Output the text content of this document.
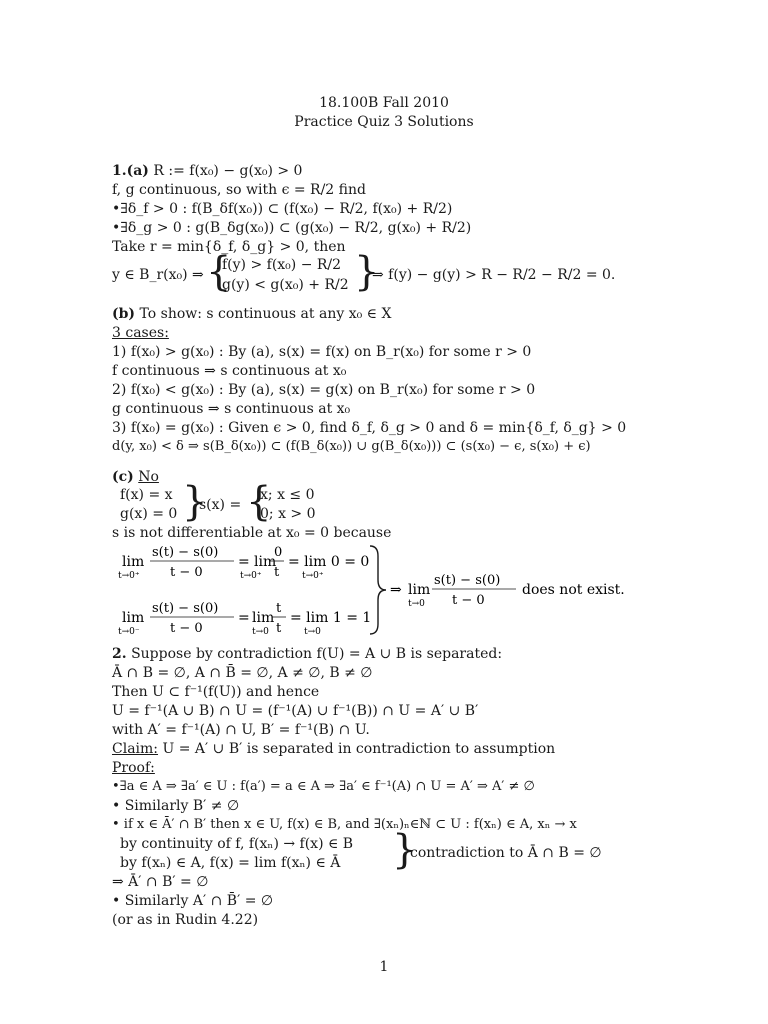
18.100B Fall 2010
Practice Quiz 3 Solutions
1.(a) R := f(x₀) − g(x₀) > 0
f, g continuous, so with ϵ = R/2 find
•∃δ_f > 0 : f(B_δf(x₀)) ⊂ (f(x₀) − R/2, f(x₀) + R/2)
•∃δ_g > 0 : g(B_δg(x₀)) ⊂ (g(x₀) − R/2, g(x₀) + R/2)
Take r = min{δ_f, δ_g} > 0, then
y ∈ B_r(x₀) ⇒ {
f(y) > f(x₀) − R/2
g(y) < g(x₀) + R/2 }
⇒ f(y) − g(y) > R − R/2 − R/2 = 0.
(b) To show: s continuous at any x₀ ∈ X
3 cases:
1) f(x₀) > g(x₀) : By (a), s(x) = f(x) on B_r(x₀) for some r > 0
f continuous ⇒ s continuous at x₀
2) f(x₀) < g(x₀) : By (a), s(x) = g(x) on B_r(x₀) for some r > 0
g continuous ⇒ s continuous at x₀
3) f(x₀) = g(x₀) : Given ϵ > 0, find δ_f, δ_g > 0 and δ = min{δ_f, δ_g} > 0
d(y, x₀) < δ ⇒ s(B_δ(x₀)) ⊂ (f(B_δ(x₀)) ∪ g(B_δ(x₀))) ⊂ (s(x₀) − ϵ, s(x₀) + ϵ)
(c) No
f(x) = x
g(x) = 0 }
s(x) = {
x; x ≤ 0
0; x > 0
s is not differentiable at x₀ = 0 because
lim
t→0⁺
s(t) − s(0)
t − 0
= lim
t→0⁺
0
t
= lim 0 = 0
t→0⁺
lim
t→0⁻
s(t) − s(0)
t − 0
= lim
t→0
t
t
= lim 1 = 1
t→0
⇒ lim
t→0
s(t) − s(0)
t − 0
does not exist.
2. Suppose by contradiction f(U) = A ∪ B is separated:
Ā ∩ B = ∅, A ∩ B̄ = ∅, A ≠ ∅, B ≠ ∅
Then U ⊂ f⁻¹(f(U)) and hence
U = f⁻¹(A ∪ B) ∩ U = (f⁻¹(A) ∪ f⁻¹(B)) ∩ U = A′ ∪ B′
with A′ = f⁻¹(A) ∩ U, B′ = f⁻¹(B) ∩ U.
Claim: U = A′ ∪ B′ is separated in contradiction to assumption
Proof:
•∃a ∈ A ⇒ ∃a′ ∈ U : f(a′) = a ∈ A ⇒ ∃a′ ∈ f⁻¹(A) ∩ U = A′ ⇒ A′ ≠ ∅
• Similarly B′ ≠ ∅
• if x ∈ Ā′ ∩ B′ then x ∈ U, f(x) ∈ B, and ∃(xₙ)ₙ∈ℕ ⊂ U : f(xₙ) ∈ A, xₙ → x
by continuity of f, f(xₙ) → f(x) ∈ B
by f(xₙ) ∈ A, f(x) = lim f(xₙ) ∈ Ā }
contradiction to Ā ∩ B = ∅
⇒ Ā′ ∩ B′ = ∅
• Similarly A′ ∩ B̄′ = ∅
(or as in Rudin 4.22)
1
